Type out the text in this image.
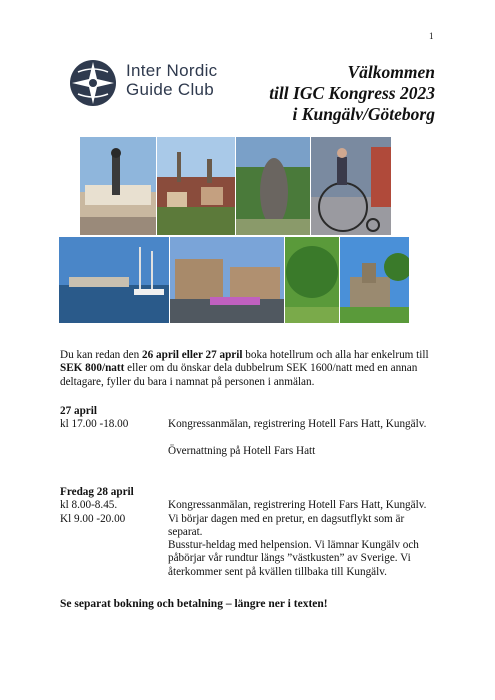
1
Inter Nordic
Guide Club
Välkommen
till IGC Kongress 2023
i Kungälv/Göteborg
Du kan redan den 26 april eller 27 april boka hotellrum och alla har enkelrum till SEK 800/natt eller om du önskar dela dubbelrum SEK 1600/natt med en annan deltagare, fyller du bara i namnat på personen i anmälan.
27 april
kl 17.00 -18.00	Kongressanmälan, registrering Hotell Fars Hatt, Kungälv.
Övernattning på Hotell Fars Hatt
Fredag 28 april
kl 8.00-8.45.	Kongressanmälan, registrering Hotell Fars Hatt, Kungälv.
Kl 9.00 -20.00	Vi börjar dagen med en pretur, en dagsutflykt som är separat.
Busstur-heldag med helpension. Vi lämnar Kungälv och påbörjar vår rundtur längs ”västkusten” av Sverige. Vi återkommer sent på kvällen tillbaka till Kungälv.
Se separat bokning och betalning – längre ner i texten!
